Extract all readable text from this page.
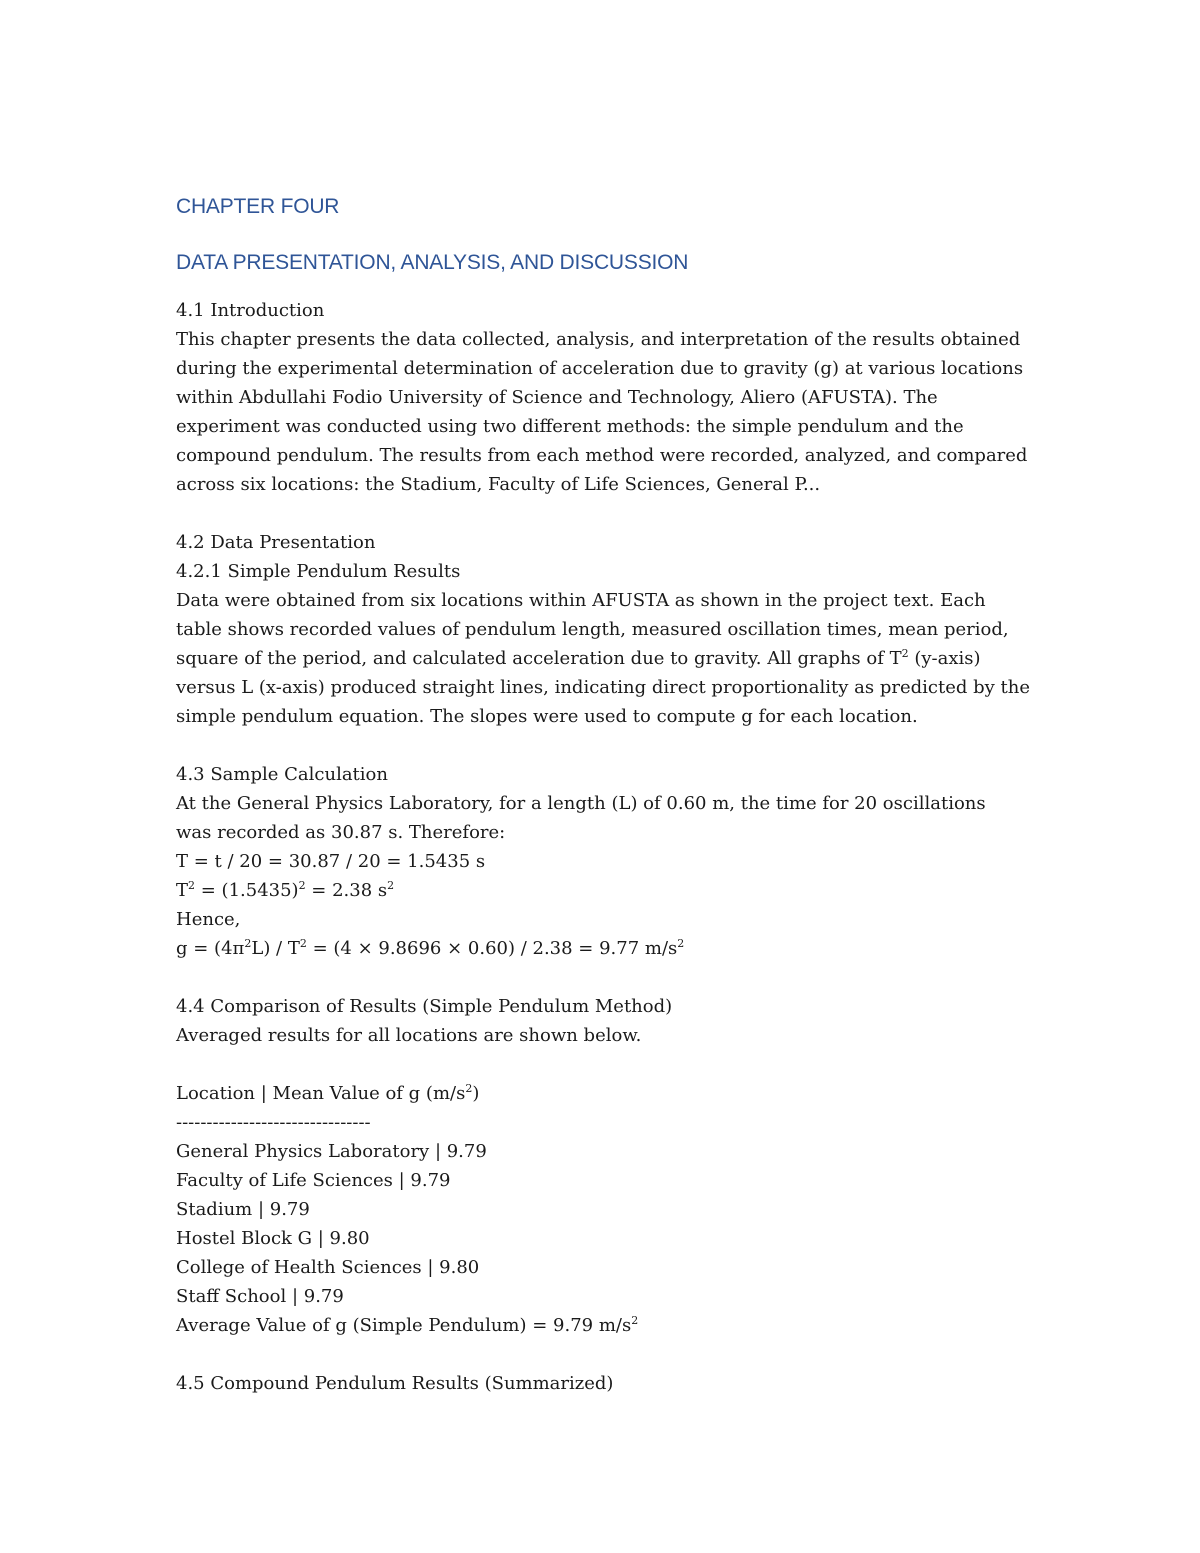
CHAPTER FOUR
DATA PRESENTATION, ANALYSIS, AND DISCUSSION
4.1 Introduction
This chapter presents the data collected, analysis, and interpretation of the results obtained during the experimental determination of acceleration due to gravity (g) at various locations within Abdullahi Fodio University of Science and Technology, Aliero (AFUSTA). The experiment was conducted using two different methods: the simple pendulum and the compound pendulum. The results from each method were recorded, analyzed, and compared across six locations: the Stadium, Faculty of Life Sciences, General P...
4.2 Data Presentation
4.2.1 Simple Pendulum Results
Data were obtained from six locations within AFUSTA as shown in the project text. Each table shows recorded values of pendulum length, measured oscillation times, mean period, square of the period, and calculated acceleration due to gravity. All graphs of $T^2$ (y-axis) versus L (x-axis) produced straight lines, indicating direct proportionality as predicted by the simple pendulum equation. The slopes were used to compute g for each location.
4.3 Sample Calculation
At the General Physics Laboratory, for a length (L) of 0.60 m, the time for 20 oscillations
was recorded as 30.87 s. Therefore:
T = t / 20 = 30.87 / 20 = 1.5435 s
$T^2 = (1.5435)^2 = 2.38$ $s^2$
Hence,
$g = (4\pi^2L) / T^2 = (4 \times 9.8696 \times 0.60) / 2.38 = 9.77$ $m/s^2$
4.4 Comparison of Results (Simple Pendulum Method)
Averaged results for all locations are shown below.
Location | Mean Value of g $(m/s^2)$
--------------------------------
General Physics Laboratory | 9.79
Faculty of Life Sciences | 9.79
Stadium | 9.79
Hostel Block G | 9.80
College of Health Sciences | 9.80
Staff School | 9.79
Average Value of g (Simple Pendulum) = 9.79 $m/s^2$
4.5 Compound Pendulum Results (Summarized)
